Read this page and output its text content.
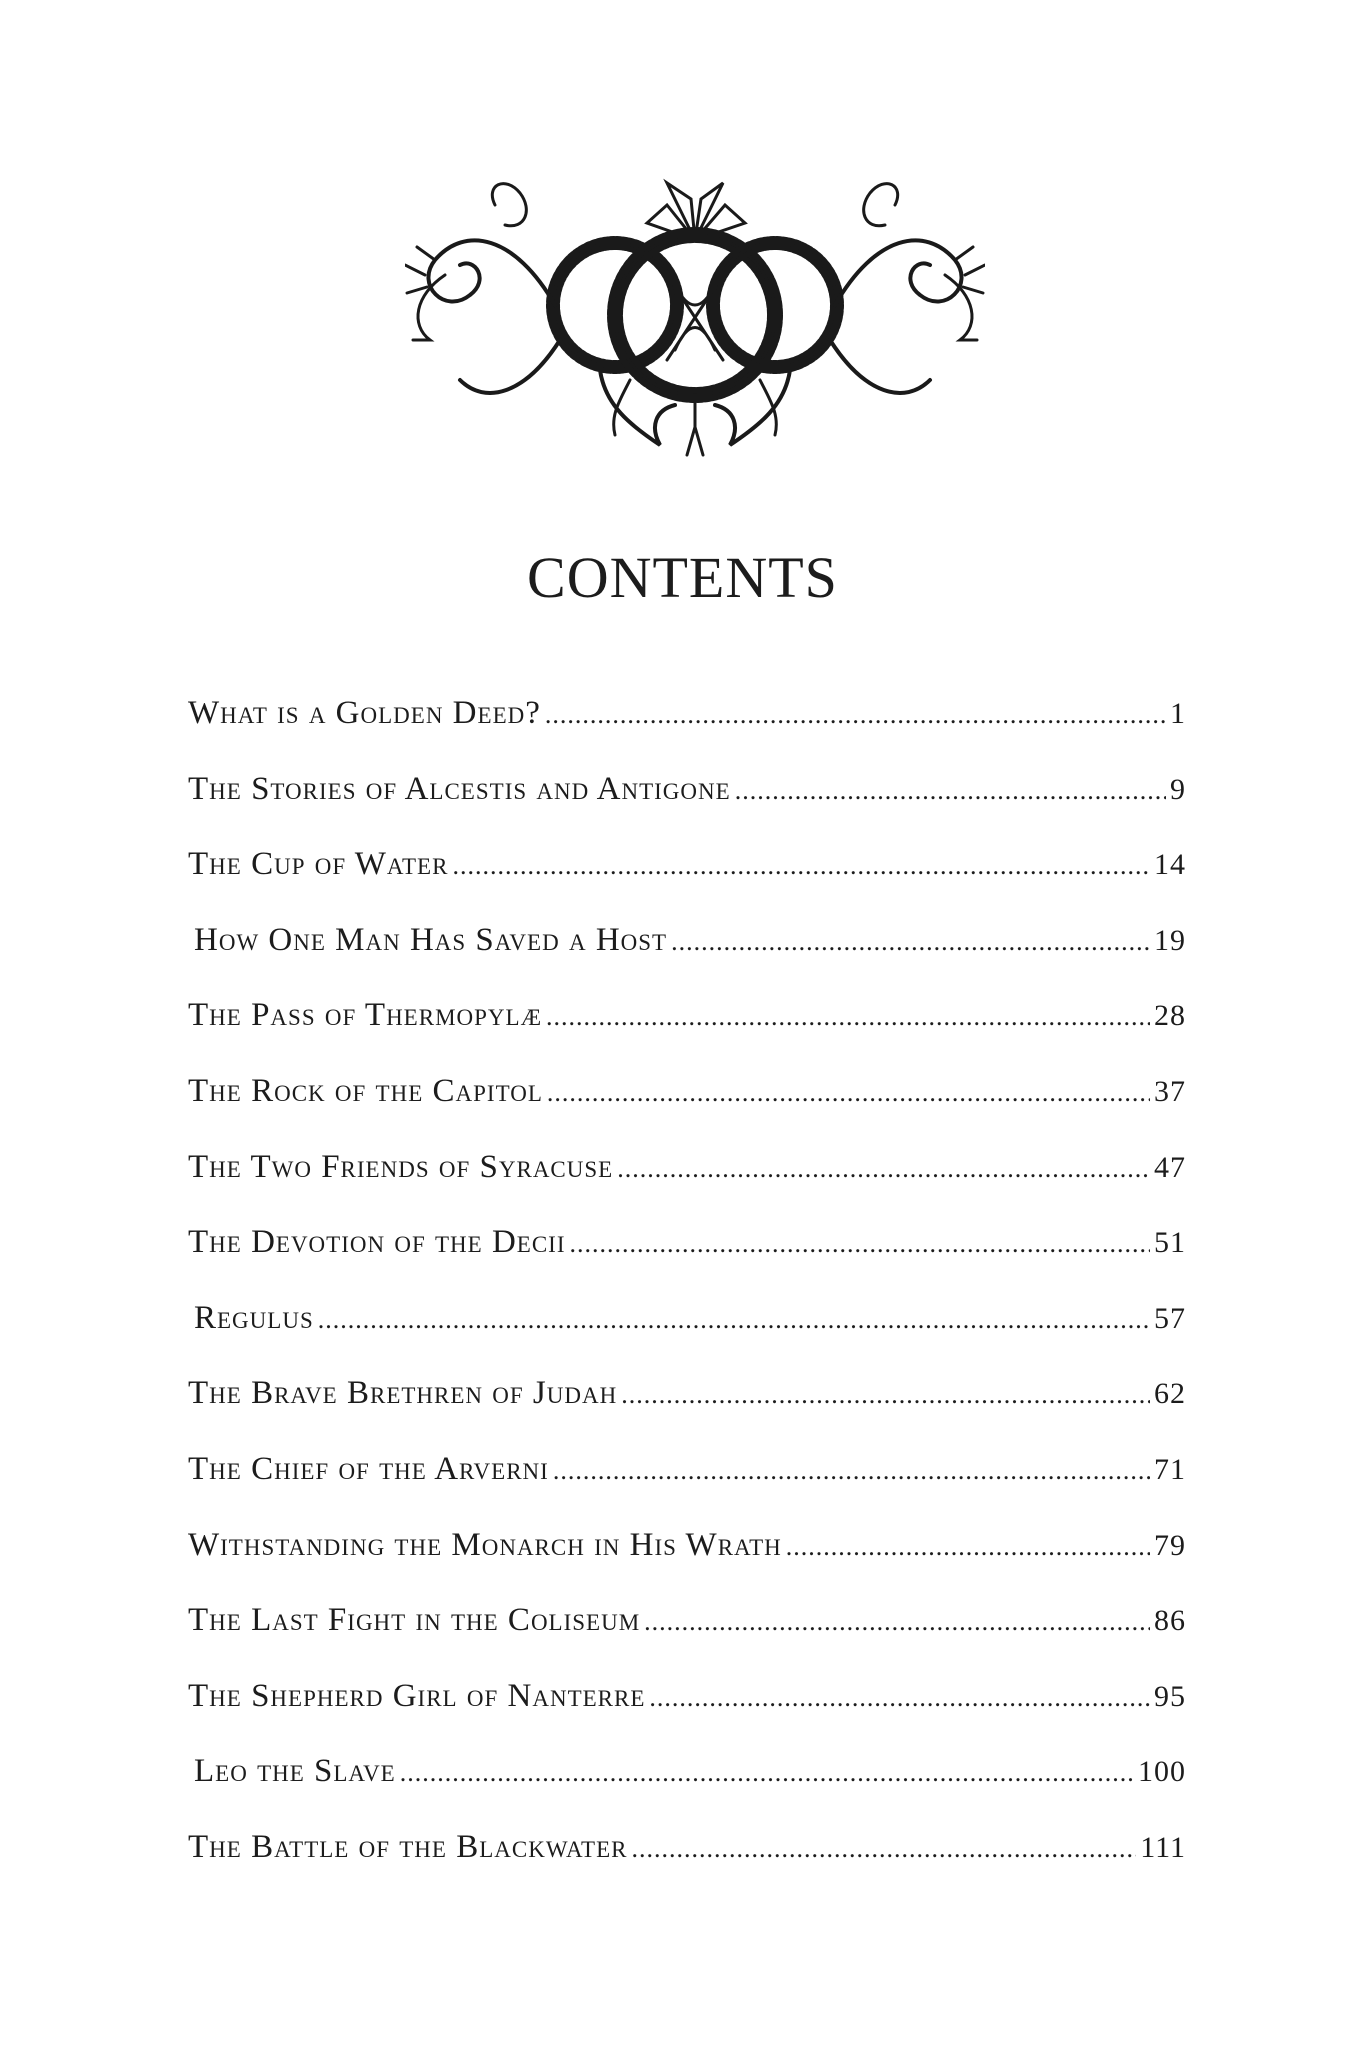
CONTENTS
What is a Golden Deed? .....	1
The Stories of Alcestis and Antigone .....	9
The Cup of Water .....	14
How One Man Has Saved a Host .....	19
The Pass of Thermopylæ .....	28
The Rock of the Capitol .....	37
The Two Friends of Syracuse .....	47
The Devotion of the Decii .....	51
Regulus .....	57
The Brave Brethren of Judah .....	62
The Chief of the Arverni .....	71
Withstanding the Monarch in His Wrath .....	79
The Last Fight in the Coliseum .....	86
The Shepherd Girl of Nanterre .....	95
Leo the Slave .....	100
The Battle of the Blackwater .....	111
